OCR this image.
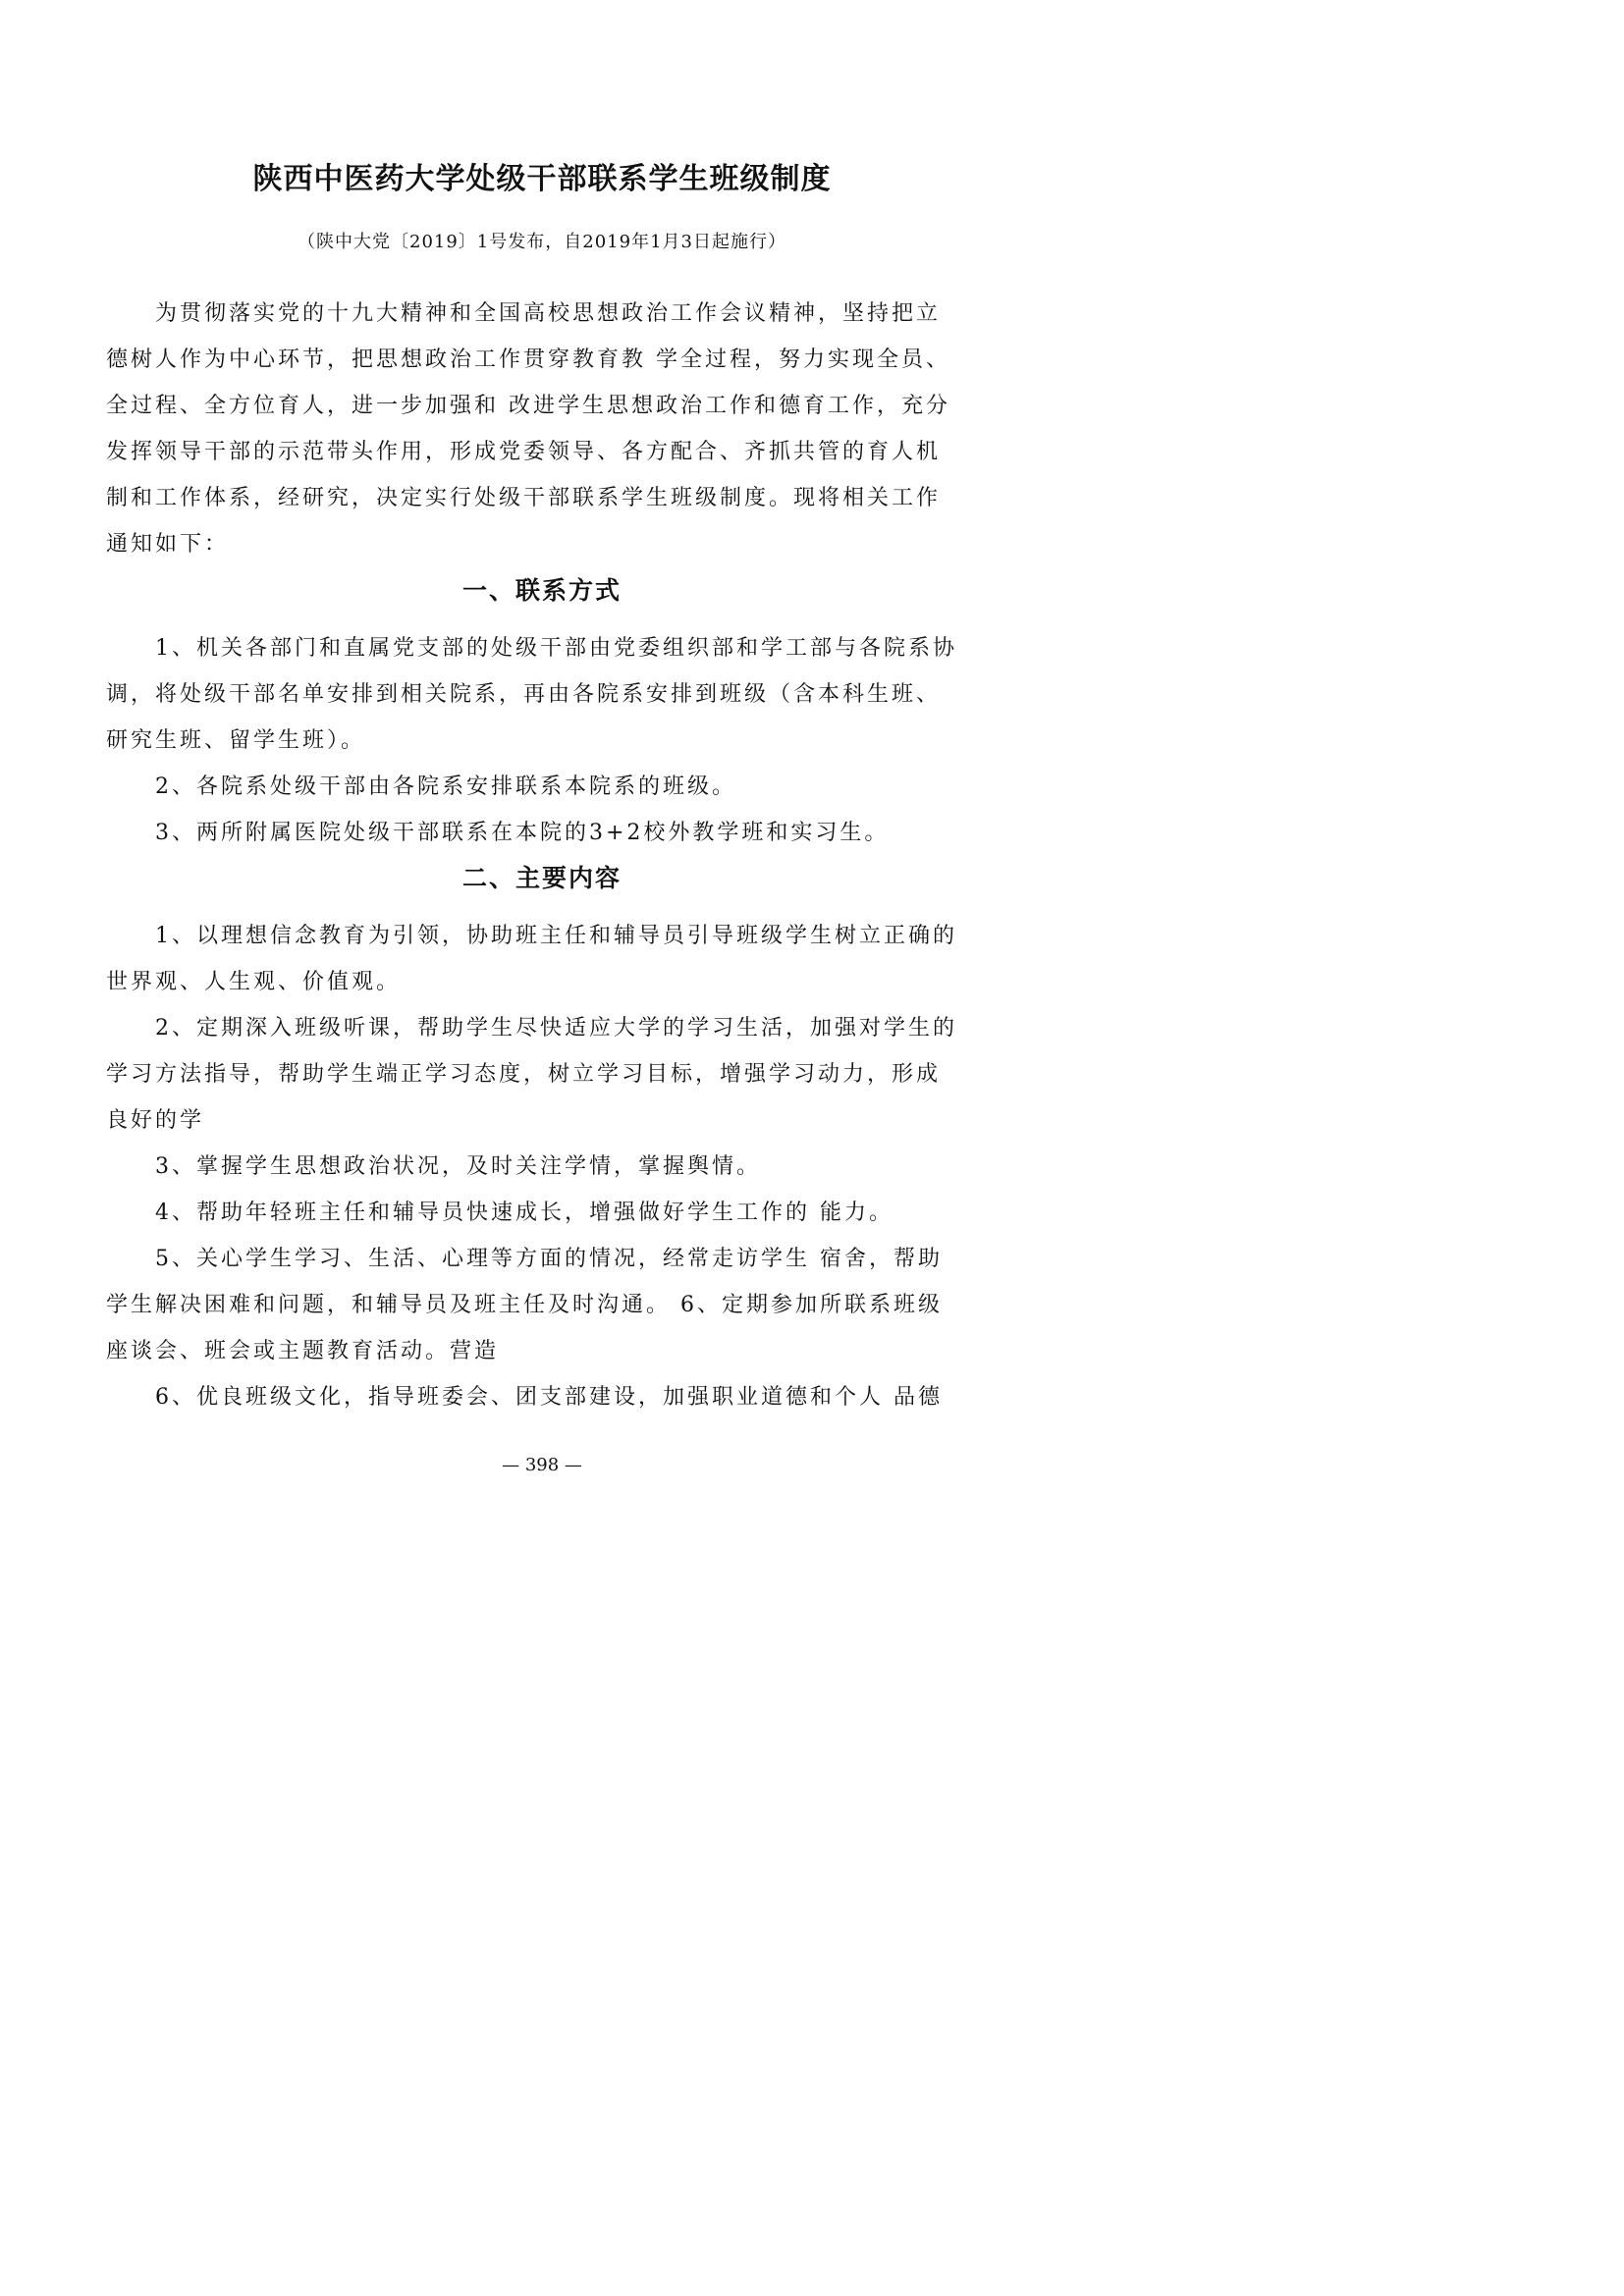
陕西中医药大学处级干部联系学生班级制度

（陕中大党〔2019〕1号发布，自2019年1月3日起施行）

　　为贯彻落实党的十九大精神和全国高校思想政治工作会议精神，坚持把立
德树人作为中心环节，把思想政治工作贯穿教育教 学全过程，努力实现全员、
全过程、全方位育人，进一步加强和 改进学生思想政治工作和德育工作，充分
发挥领导干部的示范带头作用，形成党委领导、各方配合、齐抓共管的育人机
制和工作体系，经研究，决定实行处级干部联系学生班级制度。现将相关工作
通知如下：
一、联系方式
　　1、机关各部门和直属党支部的处级干部由党委组织部和学工部与各院系协
调，将处级干部名单安排到相关院系，再由各院系安排到班级（含本科生班、
研究生班、留学生班）。
　　2、各院系处级干部由各院系安排联系本院系的班级。
　　3、两所附属医院处级干部联系在本院的3+2校外教学班和实习生。
二、主要内容
　　1、以理想信念教育为引领，协助班主任和辅导员引导班级学生树立正确的
世界观、人生观、价值观。
　　2、定期深入班级听课，帮助学生尽快适应大学的学习生活，加强对学生的
学习方法指导，帮助学生端正学习态度，树立学习目标，增强学习动力，形成
良好的学
　　3、掌握学生思想政治状况，及时关注学情，掌握舆情。
　　4、帮助年轻班主任和辅导员快速成长，增强做好学生工作的 能力。
　　5、关心学生学习、生活、心理等方面的情况，经常走访学生 宿舍，帮助
学生解决困难和问题，和辅导员及班主任及时沟通。 6、定期参加所联系班级
座谈会、班会或主题教育活动。营造
　　6、优良班级文化，指导班委会、团支部建设，加强职业道德和个人 品德
— 398 —
